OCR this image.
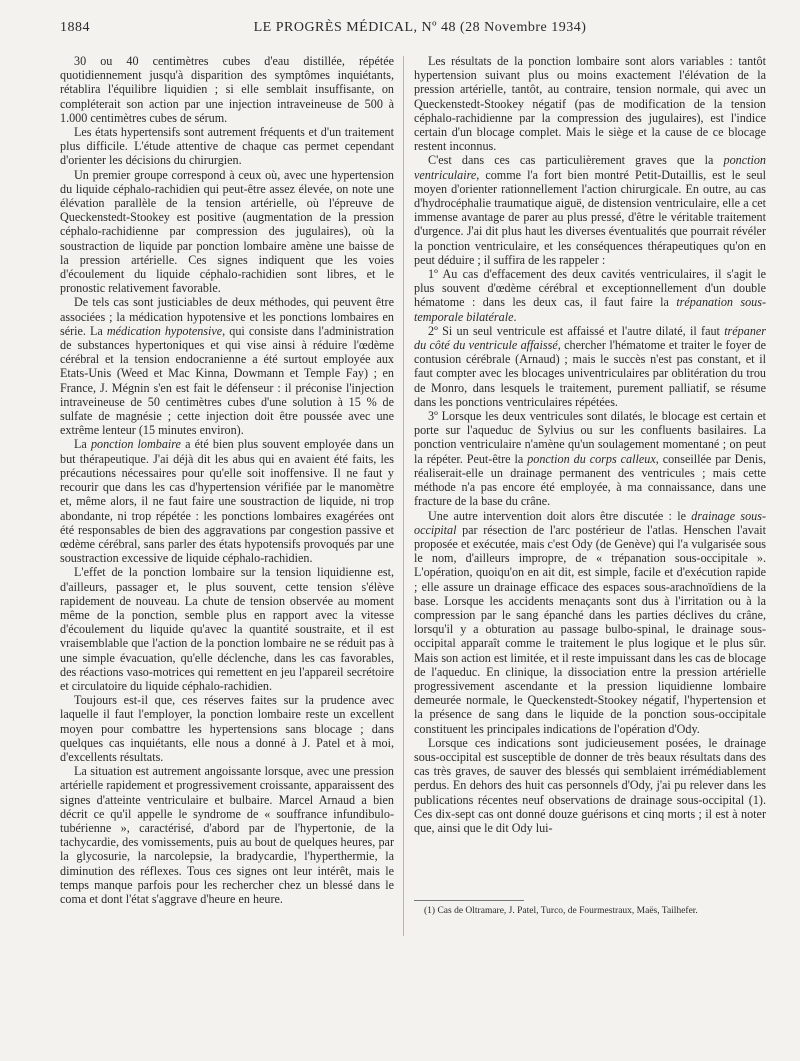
1884	LE PROGRÈS MÉDICAL, Nº 48 (28 Novembre 1934)

30 ou 40 centimètres cubes d'eau distillée, répétée quotidiennement jusqu'à disparition des symptômes inquiétants, rétablira l'équilibre liquidien ; si elle semblait insuffisante, on compléterait son action par une injection intraveineuse de 500 à 1.000 centimètres cubes de sérum.

Les états hypertensifs sont autrement fréquents et d'un traitement plus difficile. L'étude attentive de chaque cas permet cependant d'orienter les décisions du chirurgien.

Un premier groupe correspond à ceux où, avec une hypertension du liquide céphalo-rachidien qui peut-être assez élevée, on note une élévation parallèle de la tension artérielle, où l'épreuve de Queckenstedt-Stookey est positive (augmentation de la pression céphalo-rachidienne par compression des jugulaires), où la soustraction de liquide par ponction lombaire amène une baisse de la pression artérielle. Ces signes indiquent que les voies d'écoulement du liquide céphalo-rachidien sont libres, et le pronostic relativement favorable.

De tels cas sont justiciables de deux méthodes, qui peuvent être associées ; la médication hypotensive et les ponctions lombaires en série. La médication hypotensive, qui consiste dans l'administration de substances hypertoniques et qui vise ainsi à réduire l'œdème cérébral et la tension endocranienne a été surtout employée aux Etats-Unis (Weed et Mac Kinna, Dowmann et Temple Fay) ; en France, J. Mégnin s'en est fait le défenseur : il préconise l'injection intraveineuse de 50 centimètres cubes d'une solution à 15 % de sulfate de magnésie ; cette injection doit être poussée avec une extrême lenteur (15 minutes environ).

La ponction lombaire a été bien plus souvent employée dans un but thérapeutique. J'ai déjà dit les abus qui en avaient été faits, les précautions nécessaires pour qu'elle soit inoffensive. Il ne faut y recourir que dans les cas d'hypertension vérifiée par le manomètre et, même alors, il ne faut faire une soustraction de liquide, ni trop abondante, ni trop répétée : les ponctions lombaires exagérées ont été responsables de bien des aggravations par congestion passive et œdème cérébral, sans parler des états hypotensifs provoqués par une soustraction excessive de liquide céphalo-rachidien.

L'effet de la ponction lombaire sur la tension liquidienne est, d'ailleurs, passager et, le plus souvent, cette tension s'élève rapidement de nouveau. La chute de tension observée au moment même de la ponction, semble plus en rapport avec la vitesse d'écoulement du liquide qu'avec la quantité soustraite, et il est vraisemblable que l'action de la ponction lombaire ne se réduit pas à une simple évacuation, qu'elle déclenche, dans les cas favorables, des réactions vaso-motrices qui remettent en jeu l'appareil secrétoire et circulatoire du liquide céphalo-rachidien.

Toujours est-il que, ces réserves faites sur la prudence avec laquelle il faut l'employer, la ponction lombaire reste un excellent moyen pour combattre les hypertensions sans blocage ; dans quelques cas inquiétants, elle nous a donné à J. Patel et à moi, d'excellents résultats.

La situation est autrement angoissante lorsque, avec une pression artérielle rapidement et progressivement croissante, apparaissent des signes d'atteinte ventriculaire et bulbaire. Marcel Arnaud a bien décrit ce qu'il appelle le syndrome de « souffrance infundibulo-tubérienne », caractérisé, d'abord par de l'hypertonie, de la tachycardie, des vomissements, puis au bout de quelques heures, par la glycosurie, la narcolepsie, la bradycardie, l'hyperthermie, la diminution des réflexes. Tous ces signes ont leur intérêt, mais le temps manque parfois pour les rechercher chez un blessé dans le coma et dont l'état s'aggrave d'heure en heure.

Les résultats de la ponction lombaire sont alors variables : tantôt hypertension suivant plus ou moins exactement l'élévation de la pression artérielle, tantôt, au contraire, tension normale, qui avec un Queckenstedt-Stookey négatif (pas de modification de la tension céphalo-rachidienne par la compression des jugulaires), est l'indice certain d'un blocage complet. Mais le siège et la cause de ce blocage restent inconnus.

C'est dans ces cas particulièrement graves que la ponction ventriculaire, comme l'a fort bien montré Petit-Dutaillis, est le seul moyen d'orienter rationnellement l'action chirurgicale. En outre, au cas d'hydrocéphalie traumatique aiguë, de distension ventriculaire, elle a cet immense avantage de parer au plus pressé, d'être le véritable traitement d'urgence. J'ai dit plus haut les diverses éventualités que pourrait révéler la ponction ventriculaire, et les conséquences thérapeutiques qu'on en peut déduire ; il suffira de les rappeler :

1º Au cas d'effacement des deux cavités ventriculaires, il s'agit le plus souvent d'œdème cérébral et exceptionnellement d'un double hématome : dans les deux cas, il faut faire la trépanation sous-temporale bilatérale.

2º Si un seul ventricule est affaissé et l'autre dilaté, il faut trépaner du côté du ventricule affaissé, chercher l'hématome et traiter le foyer de contusion cérébrale (Arnaud) ; mais le succès n'est pas constant, et il faut compter avec les blocages univentriculaires par oblitération du trou de Monro, dans lesquels le traitement, purement palliatif, se résume dans les ponctions ventriculaires répétées.

3º Lorsque les deux ventricules sont dilatés, le blocage est certain et porte sur l'aqueduc de Sylvius ou sur les confluents basilaires. La ponction ventriculaire n'amène qu'un soulagement momentané ; on peut la répéter. Peut-être la ponction du corps calleux, conseillée par Denis, réaliserait-elle un drainage permanent des ventricules ; mais cette méthode n'a pas encore été employée, à ma connaissance, dans une fracture de la base du crâne.

Une autre intervention doit alors être discutée : le drainage sous-occipital par résection de l'arc postérieur de l'atlas. Henschen l'avait proposée et exécutée, mais c'est Ody (de Genève) qui l'a vulgarisée sous le nom, d'ailleurs impropre, de « trépanation sous-occipitale ». L'opération, quoiqu'on en ait dit, est simple, facile et d'exécution rapide ; elle assure un drainage efficace des espaces sous-arachnoïdiens de la base. Lorsque les accidents menaçants sont dus à l'irritation ou à la compression par le sang épanché dans les parties déclives du crâne, lorsqu'il y a obturation au passage bulbo-spinal, le drainage sous-occipital apparaît comme le traitement le plus logique et le plus sûr. Mais son action est limitée, et il reste impuissant dans les cas de blocage de l'aqueduc. En clinique, la dissociation entre la pression artérielle progressivement ascendante et la pression liquidienne lombaire demeurée normale, le Queckenstedt-Stookey négatif, l'hypertension et la présence de sang dans le liquide de la ponction sous-occipitale constituent les principales indications de l'opération d'Ody.

Lorsque ces indications sont judicieusement posées, le drainage sous-occipital est susceptible de donner de très beaux résultats dans des cas très graves, de sauver des blessés qui semblaient irrémédiablement perdus. En dehors des huit cas personnels d'Ody, j'ai pu relever dans les publications récentes neuf observations de drainage sous-occipital (1). Ces dix-sept cas ont donné douze guérisons et cinq morts ; il est à noter que, ainsi que le dit Ody lui-

(1) Cas de Oltramare, J. Patel, Turco, de Fourmestraux, Maës, Tailhefer.
